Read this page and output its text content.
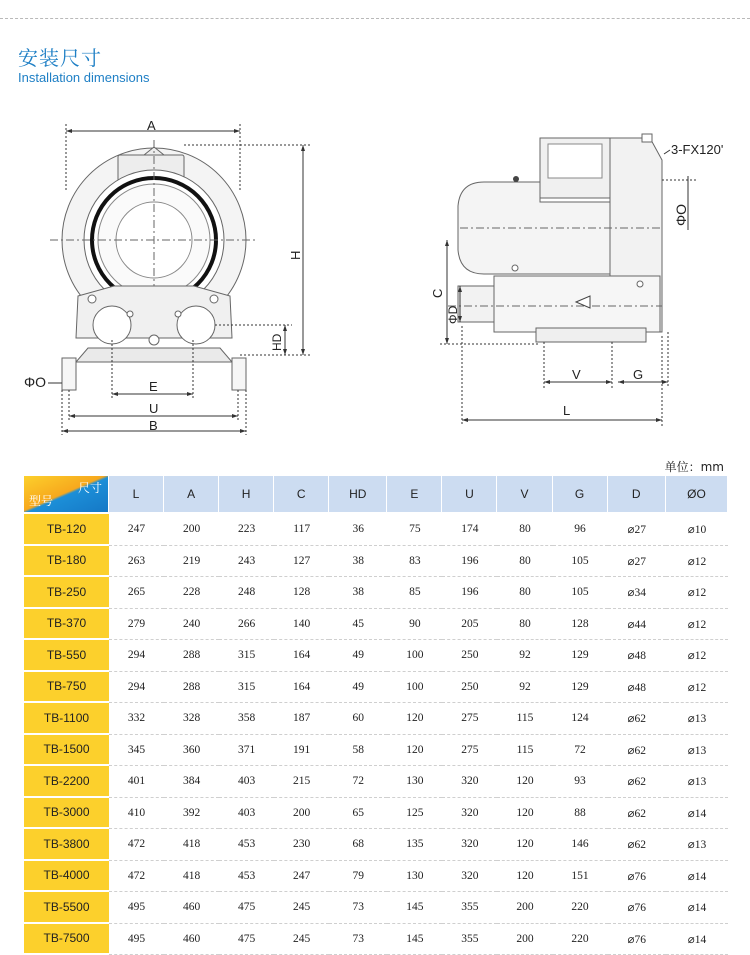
安装尺寸
Installation dimensions
A
H
HD
ΦO	E
U
B
3-FX120'
ΦO
C
ΦD
V	G
L
单位：mm
尺寸
型号	L	A	H	C	HD	E	U	V	G	D	ØO
TB-120	247	200	223	117	36	75	174	80	96	⌀27	⌀10
TB-180	263	219	243	127	38	83	196	80	105	⌀27	⌀12
TB-250	265	228	248	128	38	85	196	80	105	⌀34	⌀12
TB-370	279	240	266	140	45	90	205	80	128	⌀44	⌀12
TB-550	294	288	315	164	49	100	250	92	129	⌀48	⌀12
TB-750	294	288	315	164	49	100	250	92	129	⌀48	⌀12
TB-1100	332	328	358	187	60	120	275	115	124	⌀62	⌀13
TB-1500	345	360	371	191	58	120	275	115	72	⌀62	⌀13
TB-2200	401	384	403	215	72	130	320	120	93	⌀62	⌀13
TB-3000	410	392	403	200	65	125	320	120	88	⌀62	⌀14
TB-3800	472	418	453	230	68	135	320	120	146	⌀62	⌀13
TB-4000	472	418	453	247	79	130	320	120	151	⌀76	⌀14
TB-5500	495	460	475	245	73	145	355	200	220	⌀76	⌀14
TB-7500	495	460	475	245	73	145	355	200	220	⌀76	⌀14
